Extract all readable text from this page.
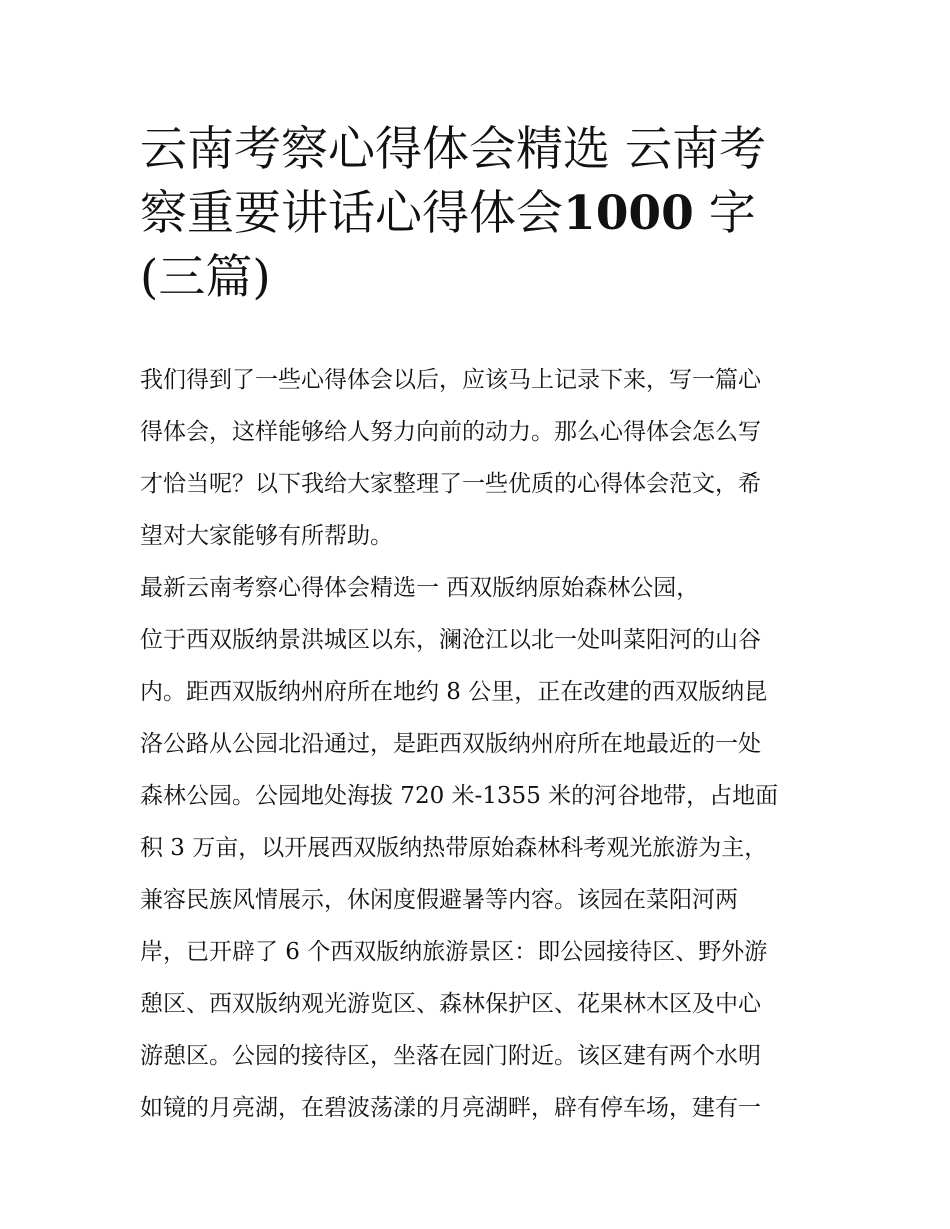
云南考察心得体会精选 云南考
察重要讲话心得体会1000 字
(三篇)
我们得到了一些心得体会以后，应该马上记录下来，写一篇心
得体会，这样能够给人努力向前的动力。那么心得体会怎么写
才恰当呢？以下我给大家整理了一些优质的心得体会范文，希
望对大家能够有所帮助。
最新云南考察心得体会精选一 西双版纳原始森林公园，
位于西双版纳景洪城区以东，澜沧江以北一处叫菜阳河的山谷
内。距西双版纳州府所在地约 8 公里，正在改建的西双版纳昆
洛公路从公园北沿通过，是距西双版纳州府所在地最近的一处
森林公园。公园地处海拔 720 米-1355 米的河谷地带，占地面
积 3 万亩，以开展西双版纳热带原始森林科考观光旅游为主，
兼容民族风情展示，休闲度假避暑等内容。该园在菜阳河两
岸，已开辟了 6 个西双版纳旅游景区：即公园接待区、野外游
憩区、西双版纳观光游览区、森林保护区、花果林木区及中心
游憩区。公园的接待区，坐落在园门附近。该区建有两个水明
如镜的月亮湖，在碧波荡漾的月亮湖畔，辟有停车场，建有一
